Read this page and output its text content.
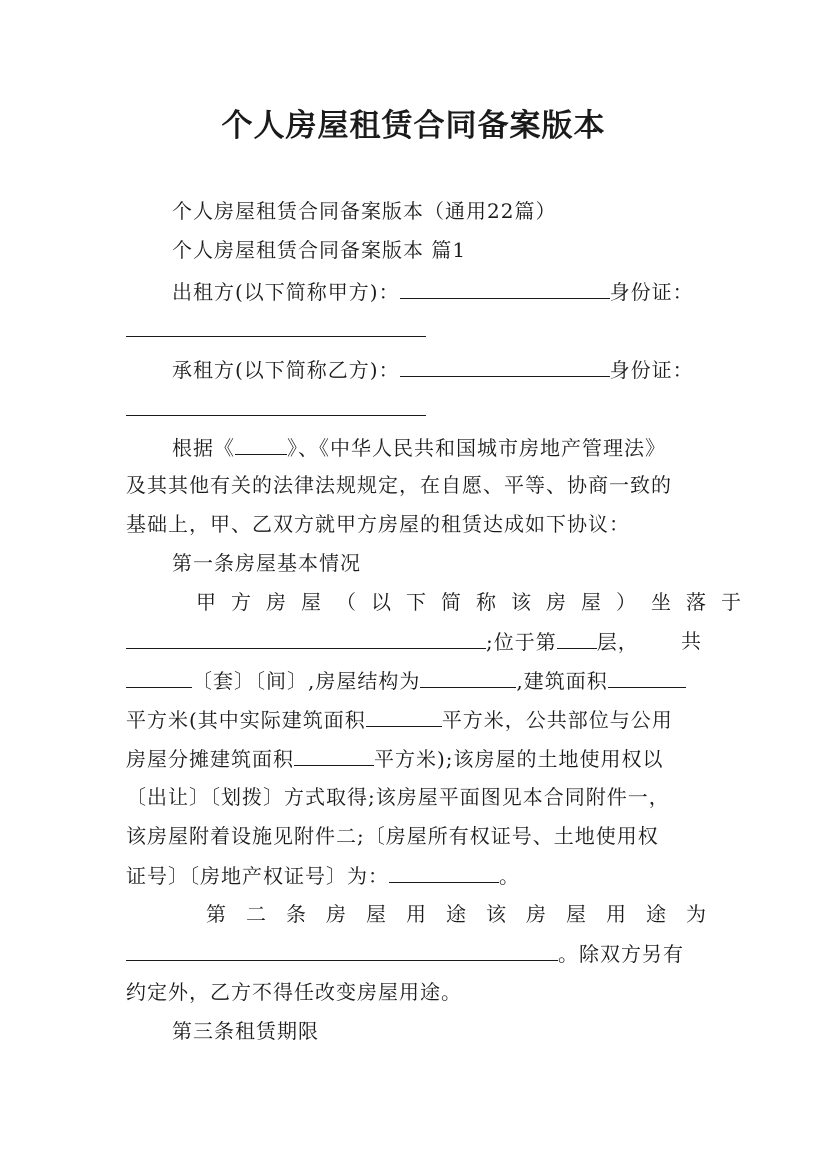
个人房屋租赁合同备案版本
个人房屋租赁合同备案版本（通用22篇）
个人房屋租赁合同备案版本 篇1
出租方(以下简称甲方)：	身份证：
承租方(以下简称乙方)：	身份证：
根据《	》、《中华人民共和国城市房地产管理法》
及其其他有关的法律法规规定，在自愿、平等、协商一致的
基础上，甲、乙双方就甲方房屋的租赁达成如下协议：
第一条房屋基本情况
甲方房屋（以下简称该房屋）坐落于
;位于第 层， 共
〔套〕〔间〕,房屋结构为	,建筑面积
平方米(其中实际建筑面积	平方米，公共部位与公用
房屋分摊建筑面积	平方米);该房屋的土地使用权以
〔出让〕〔划拨〕方式取得;该房屋平面图见本合同附件一，
该房屋附着设施见附件二;〔房屋所有权证号、土地使用权
证号〕〔房地产权证号〕为：	。
第二条房屋用途该房屋用途为
。除双方另有
约定外，乙方不得任改变房屋用途。
第三条租赁期限
